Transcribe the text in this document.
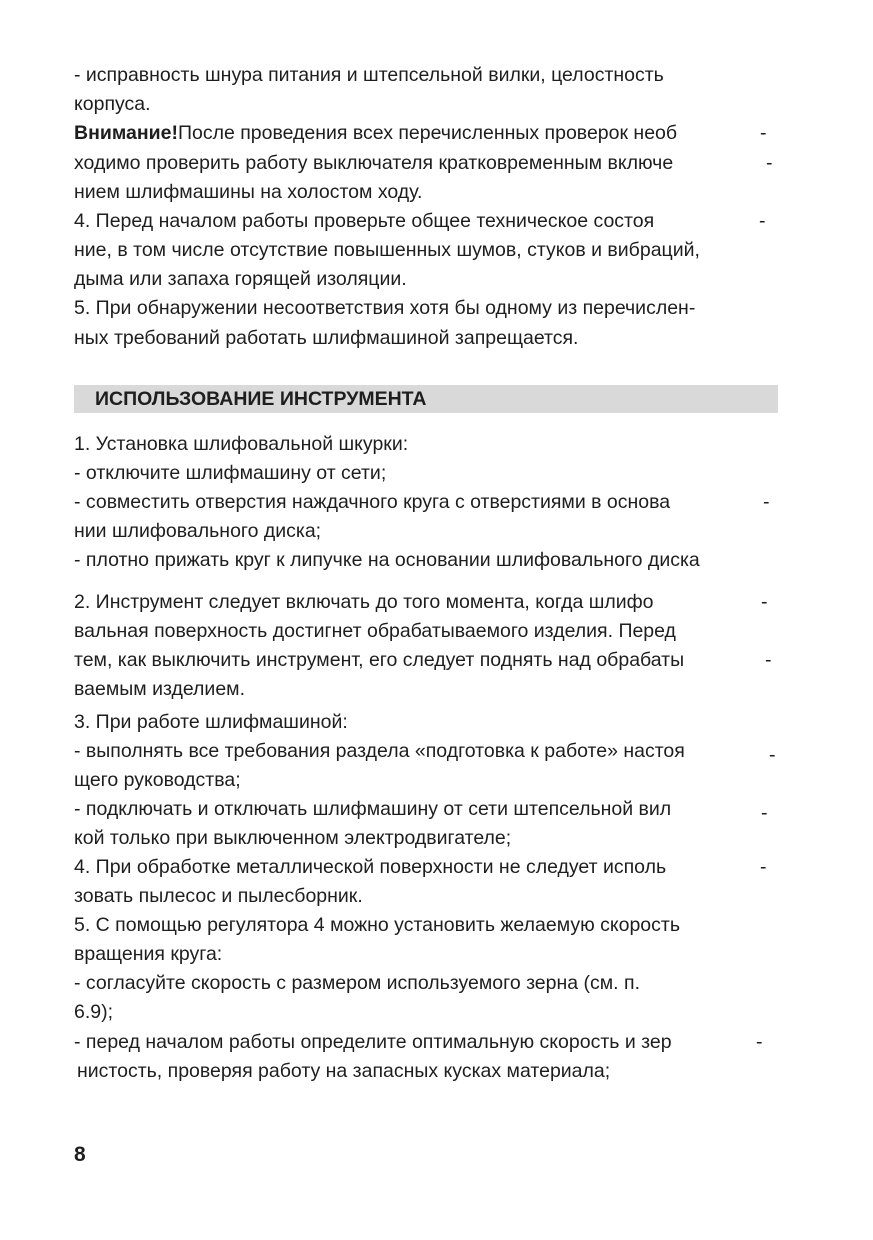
- исправность шнура питания и штепсельной вилки, целостность
корпуса.
Внимание!После проведения всех перечисленных проверок необ	-
ходимо проверить работу выключателя кратковременным включе	-
нием шлифмашины на холостом ходу.
4. Перед началом работы проверьте общее техническое состоя	-
ние, в том числе отсутствие повышенных шумов, стуков и вибраций,
дыма или запаха горящей изоляции.
5. При обнаружении несоответствия хотя бы одному из перечислен-
ных требований работать шлифмашиной запрещается.
ИСПОЛЬЗОВАНИЕ ИНСТРУМЕНТА
1. Установка шлифовальной шкурки:
- отключите шлифмашину от сети;
- совместить отверстия наждачного круга с отверстиями в основа	-
нии шлифовального диска;
- плотно прижать круг к липучке на основании шлифовального диска
2. Инструмент следует включать до того момента, когда шлифо	-
вальная поверхность достигнет обрабатываемого изделия. Перед
тем, как выключить инструмент, его следует поднять над обрабаты	-
ваемым изделием.
3. При работе шлифмашиной:
- выполнять все требования раздела «подготовка к работе» настоя	-
щего руководства;
- подключать и отключать шлифмашину от сети штепсельной вил	-
кой только при выключенном электродвигателе;
4. При обработке металлической поверхности не следует исполь	-
зовать пылесос и пылесборник.
5. С помощью регулятора 4 можно установить желаемую скорость
вращения круга:
- согласуйте скорость с размером используемого зерна (см. п.
6.9);
- перед началом работы определите оптимальную скорость и зер	-
нистость, проверяя работу на запасных кусках материала;
8
